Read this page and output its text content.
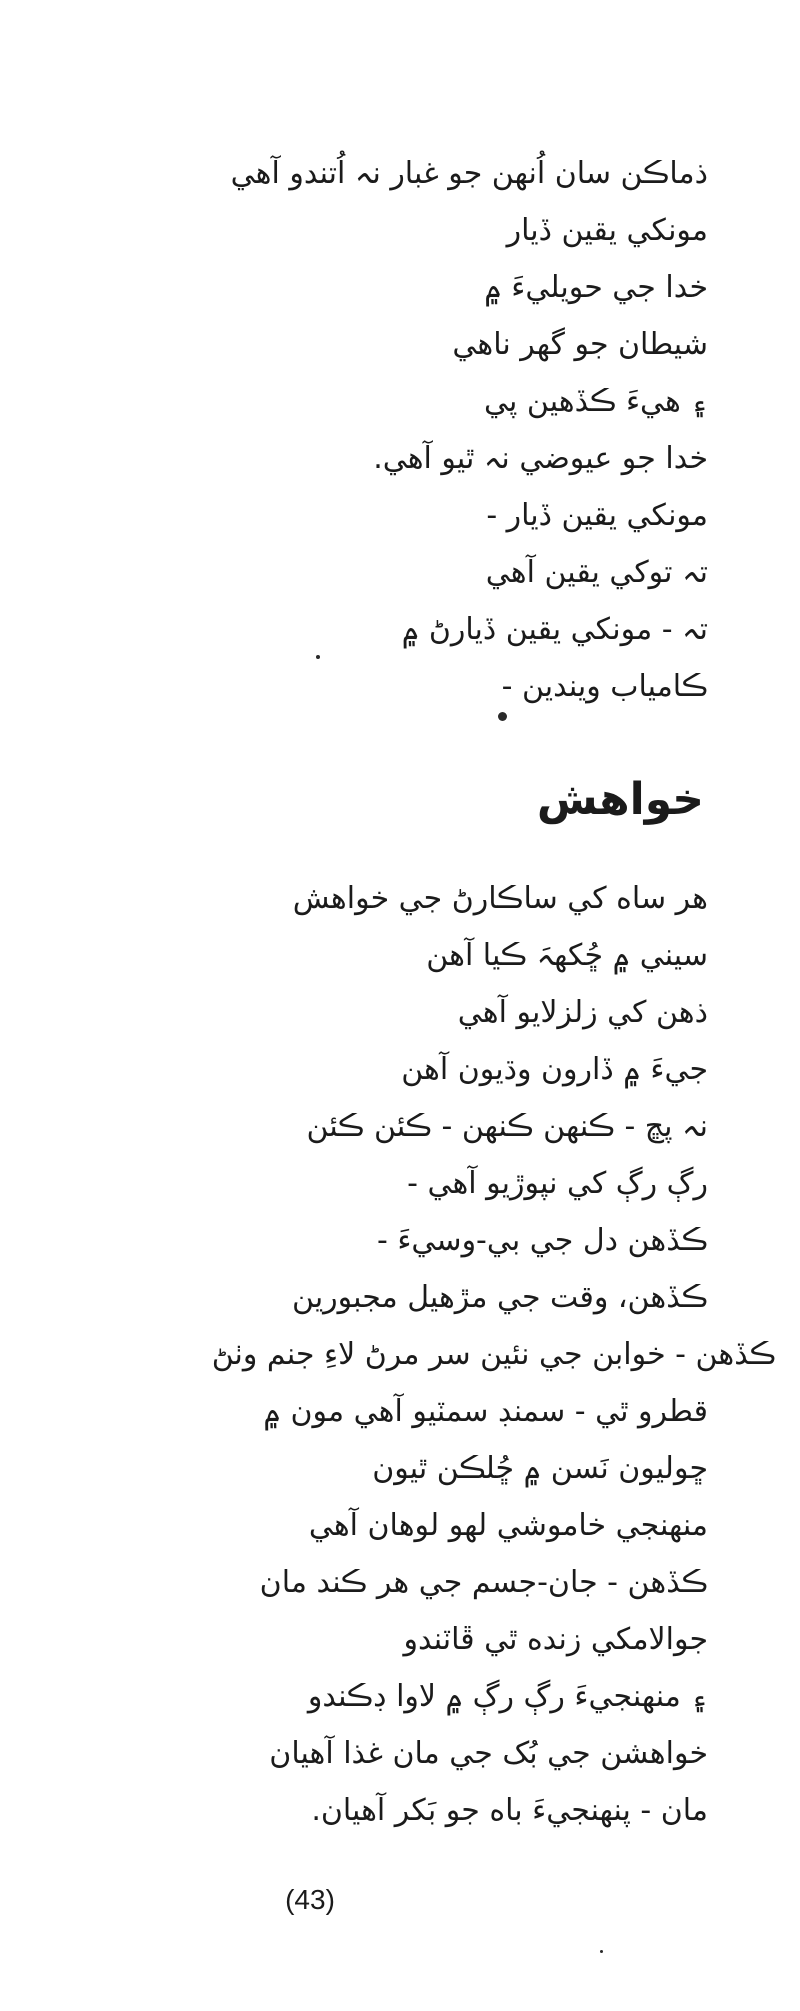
ذماڪن سان اُنهن جو غبار نہ اُتندو آهي
مونکي يقين ڏيار
خدا جي حويليءَ ۾
شيطان جو گهر ناهي
۽ هيءَ ڪڏهين پي
خدا جو عيوضي نہ ٿيو آهي.
مونکي يقين ڏيار -
تہ توکي يقين آهي
تہ - مونکي يقين ڏيارڻ ۾
ڪامياب ويندين -
خواهش
هر ساه کي ساڪارڻ جي خواهش
سيني ۾ ڇُکهہَ ڪيا آهن
ذهن کي زلزلايو آهي
جيءَ ۾ ڏارون وڌيون آهن
نہ پڇ - ڪنهن ڪنهن - ڪئن ڪئن
رڳ رڳ کي نپوڙيو آهي -
ڪڏهن دل جي بي-وسيءَ -
ڪڏهن، وقت جي مڙهيل مجبورين
ڪڏهن - خوابن جي نئين سر مرڻ لاءِ جنم وٺڻ
قطرو ٿي - سمنڊ سمٽيو آهي مون ۾
ڇوليون نَسن ۾ ڇُلڪن ٿيون
منهنجي خاموشي لهو لوهان آهي
ڪڏهن - جان-جسم جي هر ڪند مان
جوالامکي زنده ٿي ڦاٽندو
۽ منهنجيءَ رڳ رڳ ۾ لاوا ڊڪندو
خواهشن جي بُک جي مان غذا آهيان
مان - پنهنجيءَ باه جو بَکر آهيان.
(43)
